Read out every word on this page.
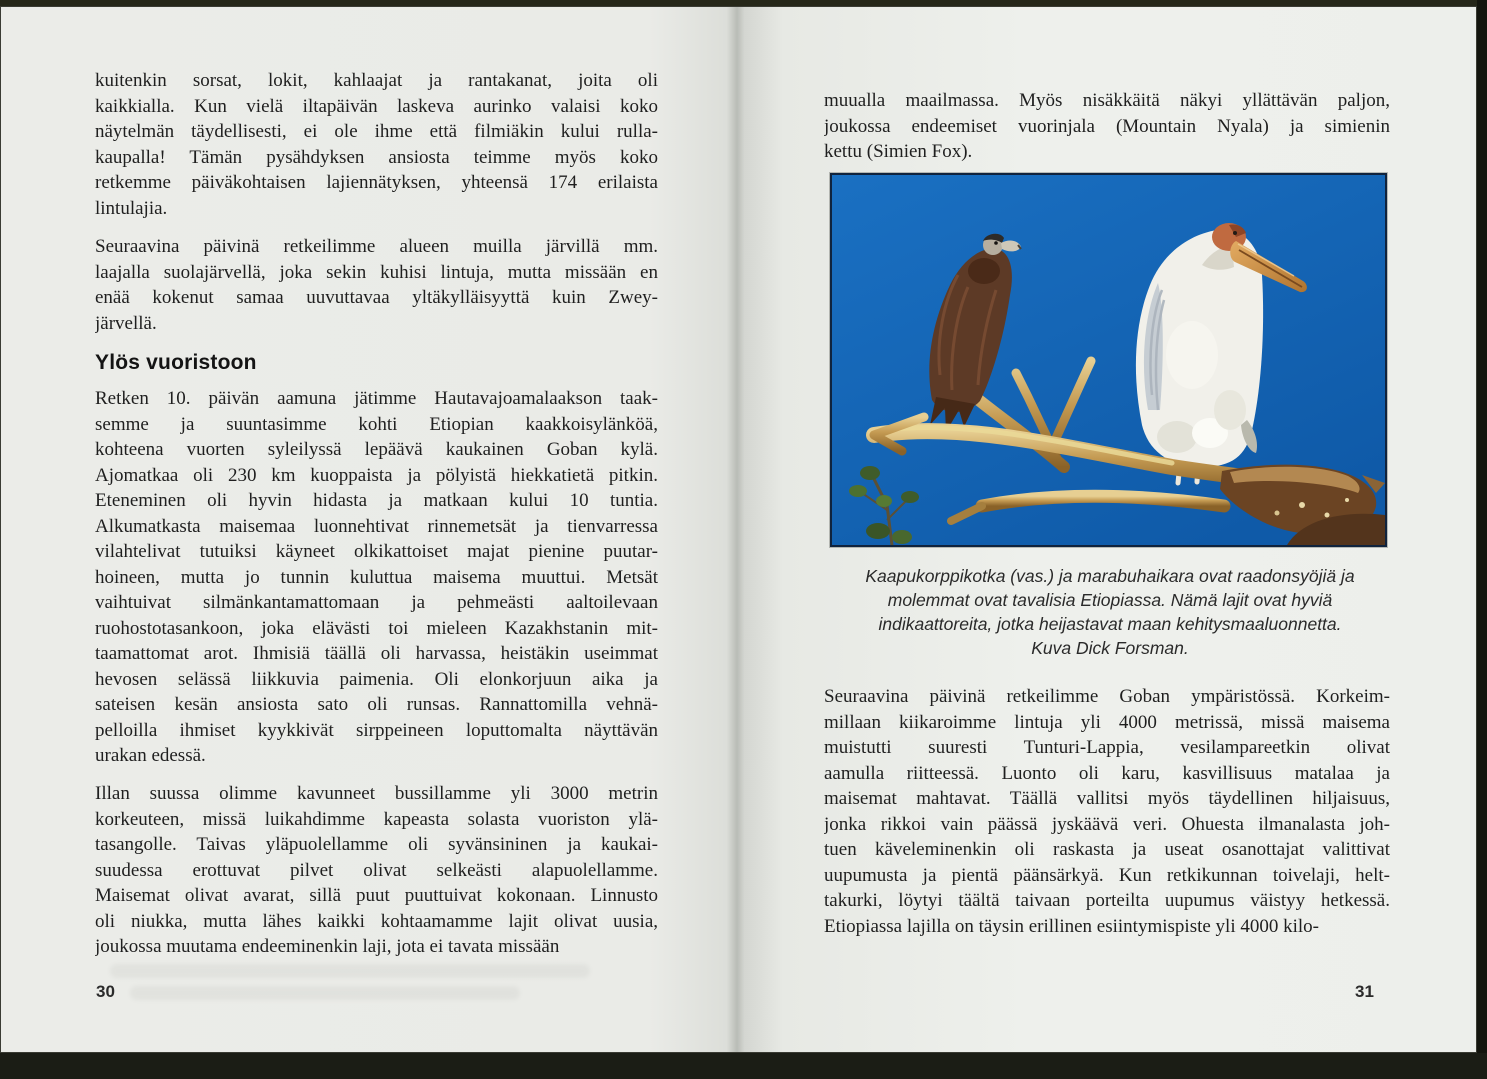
kuitenkin sorsat, lokit, kahlaajat ja rantakanat, joita oli
kaikkialla. Kun vielä iltapäivän laskeva aurinko valaisi koko
näytelmän täydellisesti, ei ole ihme että filmiäkin kului rulla-
kaupalla! Tämän pysähdyksen ansiosta teimme myös koko
retkemme päiväkohtaisen lajiennätyksen, yhteensä 174 erilaista
lintulajia.
Seuraavina päivinä retkeilimme alueen muilla järvillä mm.
laajalla suolajärvellä, joka sekin kuhisi lintuja, mutta missään en
enää kokenut samaa uuvuttavaa yltäkylläisyyttä kuin Zwey-
järvellä.
Ylös vuoristoon
Retken 10. päivän aamuna jätimme Hautavajoamalaakson taak-
semme ja suuntasimme kohti Etiopian kaakkoisylänköä,
kohteena vuorten syleilyssä lepäävä kaukainen Goban kylä.
Ajomatkaa oli 230 km kuoppaista ja pölyistä hiekkatietä pitkin.
Eteneminen oli hyvin hidasta ja matkaan kului 10 tuntia.
Alkumatkasta maisemaa luonnehtivat rinnemetsät ja tienvarressa
vilahtelivat tutuiksi käyneet olkikattoiset majat pienine puutar-
hoineen, mutta jo tunnin kuluttua maisema muuttui. Metsät
vaihtuivat silmänkantamattomaan ja pehmeästi aaltoilevaan
ruohostotasankoon, joka elävästi toi mieleen Kazakhstanin mit-
taamattomat arot. Ihmisiä täällä oli harvassa, heistäkin useimmat
hevosen selässä liikkuvia paimenia. Oli elonkorjuun aika ja
sateisen kesän ansiosta sato oli runsas. Rannattomilla vehnä-
pelloilla ihmiset kyykkivät sirppeineen loputtomalta näyttävän
urakan edessä.
Illan suussa olimme kavunneet bussillamme yli 3000 metrin
korkeuteen, missä luikahdimme kapeasta solasta vuoriston ylä-
tasangolle. Taivas yläpuolellamme oli syvänsininen ja kaukai-
suudessa erottuvat pilvet olivat selkeästi alapuolellamme.
Maisemat olivat avarat, sillä puut puuttuivat kokonaan. Linnusto
oli niukka, mutta lähes kaikki kohtaamamme lajit olivat uusia,
joukossa muutama endeeminenkin laji, jota ei tavata missään
30
muualla maailmassa. Myös nisäkkäitä näkyi yllättävän paljon,
joukossa endeemiset vuorinjala (Mountain Nyala) ja simienin
kettu (Simien Fox).
Kaapukorppikotka (vas.) ja marabuhaikara ovat raadonsyöjiä ja
molemmat ovat tavalisia Etiopiassa. Nämä lajit ovat hyviä
indikaattoreita, jotka heijastavat maan kehitysmaaluonnetta.
Kuva Dick Forsman.
Seuraavina päivinä retkeilimme Goban ympäristössä. Korkeim-
millaan kiikaroimme lintuja yli 4000 metrissä, missä maisema
muistutti suuresti Tunturi-Lappia, vesilampareetkin olivat
aamulla riitteessä. Luonto oli karu, kasvillisuus matalaa ja
maisemat mahtavat. Täällä vallitsi myös täydellinen hiljaisuus,
jonka rikkoi vain päässä jyskäävä veri. Ohuesta ilmanalasta joh-
tuen käveleminenkin oli raskasta ja useat osanottajat valittivat
uupumusta ja pientä päänsärkyä. Kun retkikunnan toivelaji, helt-
takurki, löytyi täältä taivaan porteilta uupumus väistyy hetkessä.
Etiopiassa lajilla on täysin erillinen esiintymispiste yli 4000 kilo-
31
